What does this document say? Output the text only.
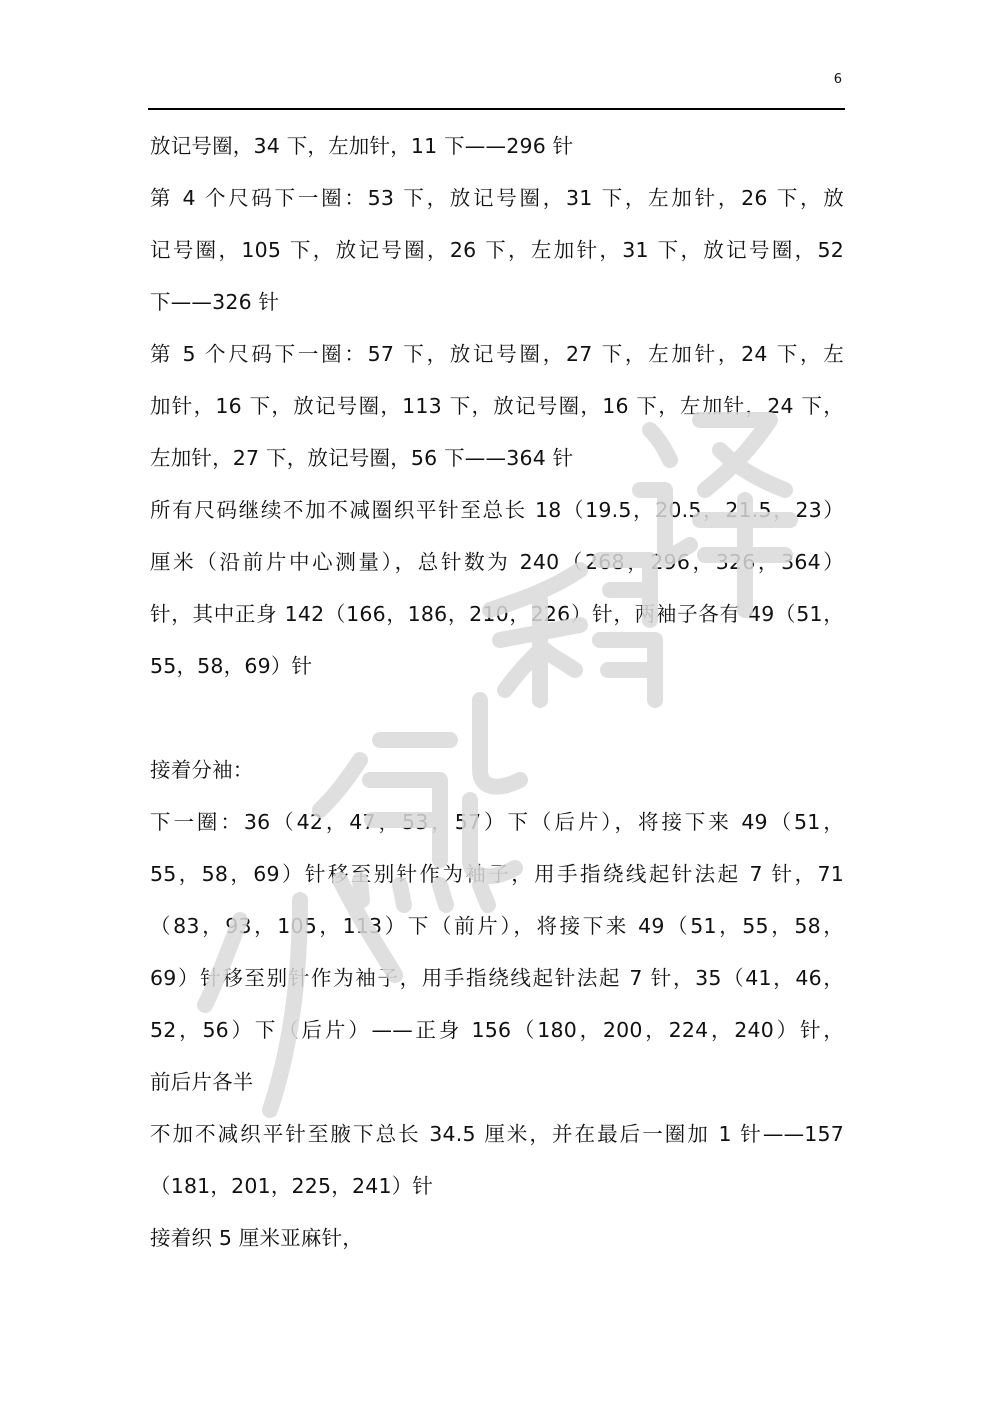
6
放记号圈，34 下，左加针，11 下——296 针
第 4 个尺码下一圈：53 下，放记号圈，31 下，左加针，26 下，放
记号圈，105 下，放记号圈，26 下，左加针，31 下，放记号圈，52
下——326 针
第 5 个尺码下一圈：57 下，放记号圈，27 下，左加针，24 下，左
加针，16 下，放记号圈，113 下，放记号圈，16 下，左加针，24 下，
左加针，27 下，放记号圈，56 下——364 针
所有尺码继续不加不减圈织平针至总长 18（19.5，20.5，21.5，23）
厘米（沿前片中心测量），总针数为 240（268，296，326，364）
针，其中正身 142（166，186，210，226）针，两袖子各有 49（51，
55，58，69）针
接着分袖：
下一圈：36（42，47，53，57）下（后片），将接下来 49（51，
55，58，69）针移至别针作为袖子，用手指绕线起针法起 7 针，71
（83，93，105，113）下（前片），将接下来 49（51，55，58，
69）针移至别针作为袖子，用手指绕线起针法起 7 针，35（41，46，
52，56）下（后片）——正身 156（180，200，224，240）针，
前后片各半
不加不减织平针至腋下总长 34.5 厘米，并在最后一圈加 1 针——157
（181，201，225，241）针
接着织 5 厘米亚麻针，
